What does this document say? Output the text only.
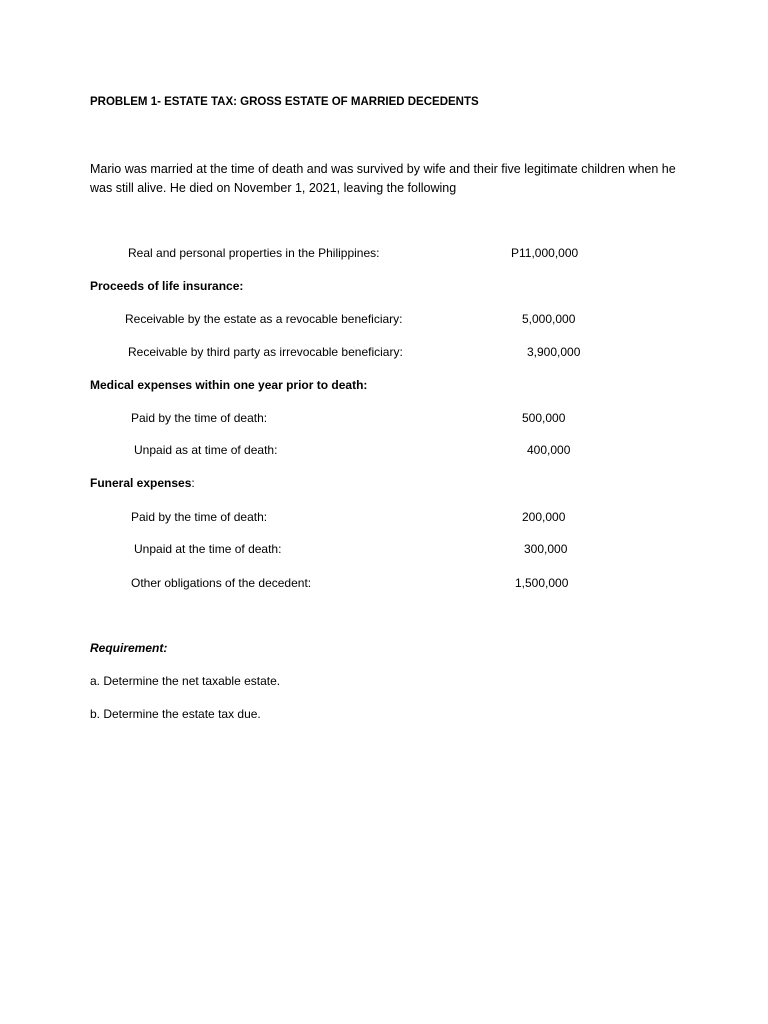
PROBLEM 1- ESTATE TAX: GROSS ESTATE OF MARRIED DECEDENTS
Mario was married at the time of death and was survived by wife and their five legitimate children when he was still alive. He died on November 1, 2021, leaving the following
Real and personal properties in the Philippines:	P11,000,000
Proceeds of life insurance:
Receivable by the estate as a revocable beneficiary:	5,000,000
Receivable by third party as irrevocable beneficiary:	3,900,000
Medical expenses within one year prior to death:
Paid by the time of death:	500,000
Unpaid as at time of death:	400,000
Funeral expenses:
Paid by the time of death:	200,000
Unpaid at the time of death:	300,000
Other obligations of the decedent:	1,500,000
Requirement:
a. Determine the net taxable estate.
b. Determine the estate tax due.
